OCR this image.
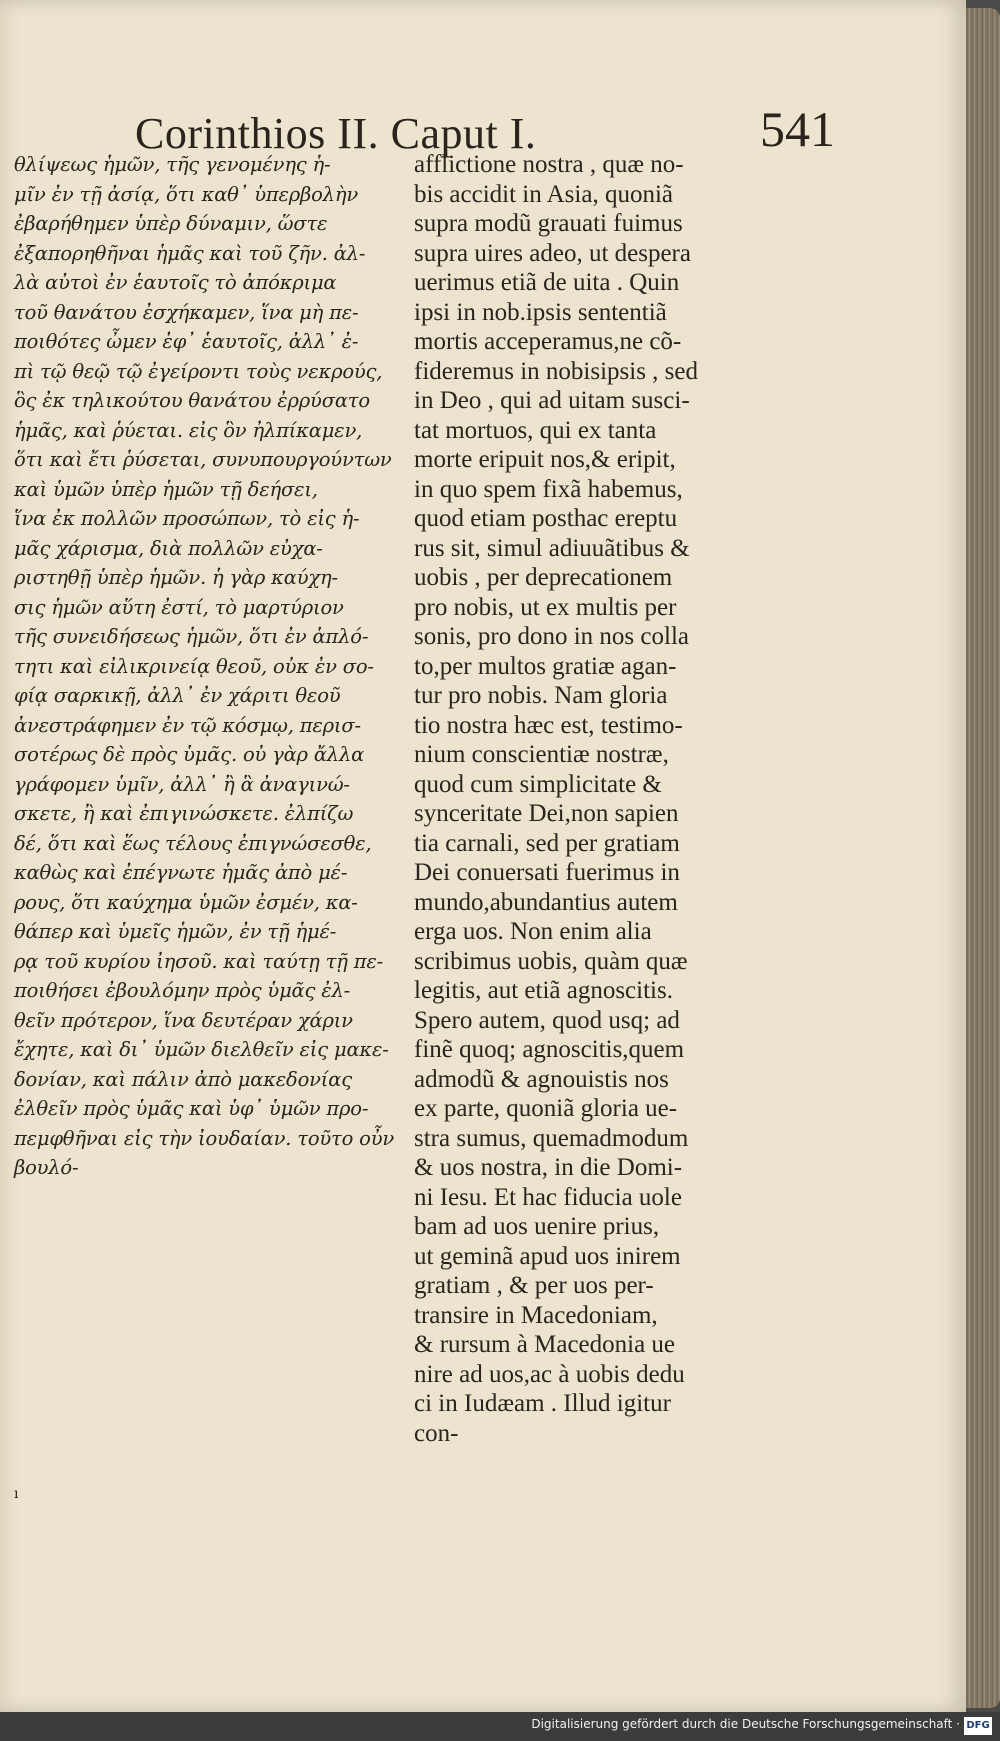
Corinthios II. Caput I.	541
θλίψεως ἡμῶν, τῆς γενομένης ἡ-
μῖν ἐν τῇ ἀσίᾳ, ὅτι καθ᾽ ὑπερβολὴν
ἐβαρήθημεν ὑπὲρ δύναμιν, ὥστε
ἐξαπορηθῆναι ἡμᾶς καὶ τοῦ ζῆν. ἀλ-
λὰ αὐτοὶ ἐν ἑαυτοῖς τὸ ἀπόκριμα
τοῦ θανάτου ἐσχήκαμεν, ἵνα μὴ πε-
ποιθότες ὦμεν ἐφ᾽ ἑαυτοῖς, ἀλλ᾽ ἐ-
πὶ τῷ θεῷ τῷ ἐγείροντι τοὺς νεκρούς,
ὃς ἐκ τηλικούτου θανάτου ἐρρύσατο
ἡμᾶς, καὶ ῥύεται. εἰς ὃν ἠλπίκαμεν,
ὅτι καὶ ἔτι ῥύσεται, συνυπουργούντων
καὶ ὑμῶν ὑπὲρ ἡμῶν τῇ δεήσει,
ἵνα ἐκ πολλῶν προσώπων, τὸ εἰς ἡ-
μᾶς χάρισμα, διὰ πολλῶν εὐχα-
ριστηθῇ ὑπὲρ ἡμῶν. ἡ γὰρ καύχη-
σις ἡμῶν αὕτη ἐστί, τὸ μαρτύριον
τῆς συνειδήσεως ἡμῶν, ὅτι ἐν ἁπλό-
τητι καὶ εἰλικρινείᾳ θεοῦ, οὐκ ἐν σο-
φίᾳ σαρκικῇ, ἀλλ᾽ ἐν χάριτι θεοῦ
ἀνεστράφημεν ἐν τῷ κόσμῳ, περισ-
σοτέρως δὲ πρὸς ὑμᾶς. οὐ γὰρ ἄλλα
γράφομεν ὑμῖν, ἀλλ᾽ ἢ ἃ ἀναγινώ-
σκετε, ἢ καὶ ἐπιγινώσκετε. ἐλπίζω
δέ, ὅτι καὶ ἕως τέλους ἐπιγνώσεσθε,
καθὼς καὶ ἐπέγνωτε ἡμᾶς ἀπὸ μέ-
ρους, ὅτι καύχημα ὑμῶν ἐσμέν, κα-
θάπερ καὶ ὑμεῖς ἡμῶν, ἐν τῇ ἡμέ-
ρᾳ τοῦ κυρίου ἰησοῦ. καὶ ταύτῃ τῇ πε-
ποιθήσει ἐβουλόμην πρὸς ὑμᾶς ἐλ-
θεῖν πρότερον, ἵνα δευτέραν χάριν
ἔχητε, καὶ δι᾽ ὑμῶν διελθεῖν εἰς μακε-
δονίαν, καὶ πάλιν ἀπὸ μακεδονίας
ἐλθεῖν πρὸς ὑμᾶς καὶ ὑφ᾽ ὑμῶν προ-
πεμφθῆναι εἰς τὴν ἰουδαίαν. τοῦτο οὖν
βουλό-
afflictione nostra , quæ no-
bis accidit in Asia, quoniã
supra modũ grauati fuimus
supra uires adeo, ut despera
uerimus etiã de uita . Quin
ipsi in nob.ipsis sententiã
mortis acceperamus,ne cõ-
fideremus in nobisipsis , sed
in Deo , qui ad uitam susci-
tat mortuos, qui ex tanta
morte eripuit nos,& eripit,
in quo spem fixã habemus,
quod etiam posthac ereptu
rus sit, simul adiuuãtibus &
uobis , per deprecationem
pro nobis, ut ex multis per
sonis, pro dono in nos colla
to,per multos gratiæ agan-
tur pro nobis. Nam gloria
tio nostra hæc est, testimo-
nium conscientiæ nostræ,
quod cum simplicitate &
synceritate Dei,non sapien
tia carnali, sed per gratiam
Dei conuersati fuerimus in
mundo,abundantius autem
erga uos. Non enim alia
scribimus uobis, quàm quæ
legitis, aut etiã agnoscitis.
Spero autem, quod usq; ad
finẽ quoq; agnoscitis,quem
admodũ & agnouistis nos
ex parte, quoniã gloria ue-
stra sumus, quemadmodum
& uos nostra, in die Domi-
ni Iesu. Et hac fiducia uole
bam ad uos uenire prius,
ut geminã apud uos inirem
gratiam , & per uos per-
transire in Macedoniam,
& rursum à Macedonia ue
nire ad uos,ac à uobis dedu
ci in Iudæam . Illud igitur
con-
ı
Digitalisierung gefördert durch die Deutsche Forschungsgemeinschaft · DFG
